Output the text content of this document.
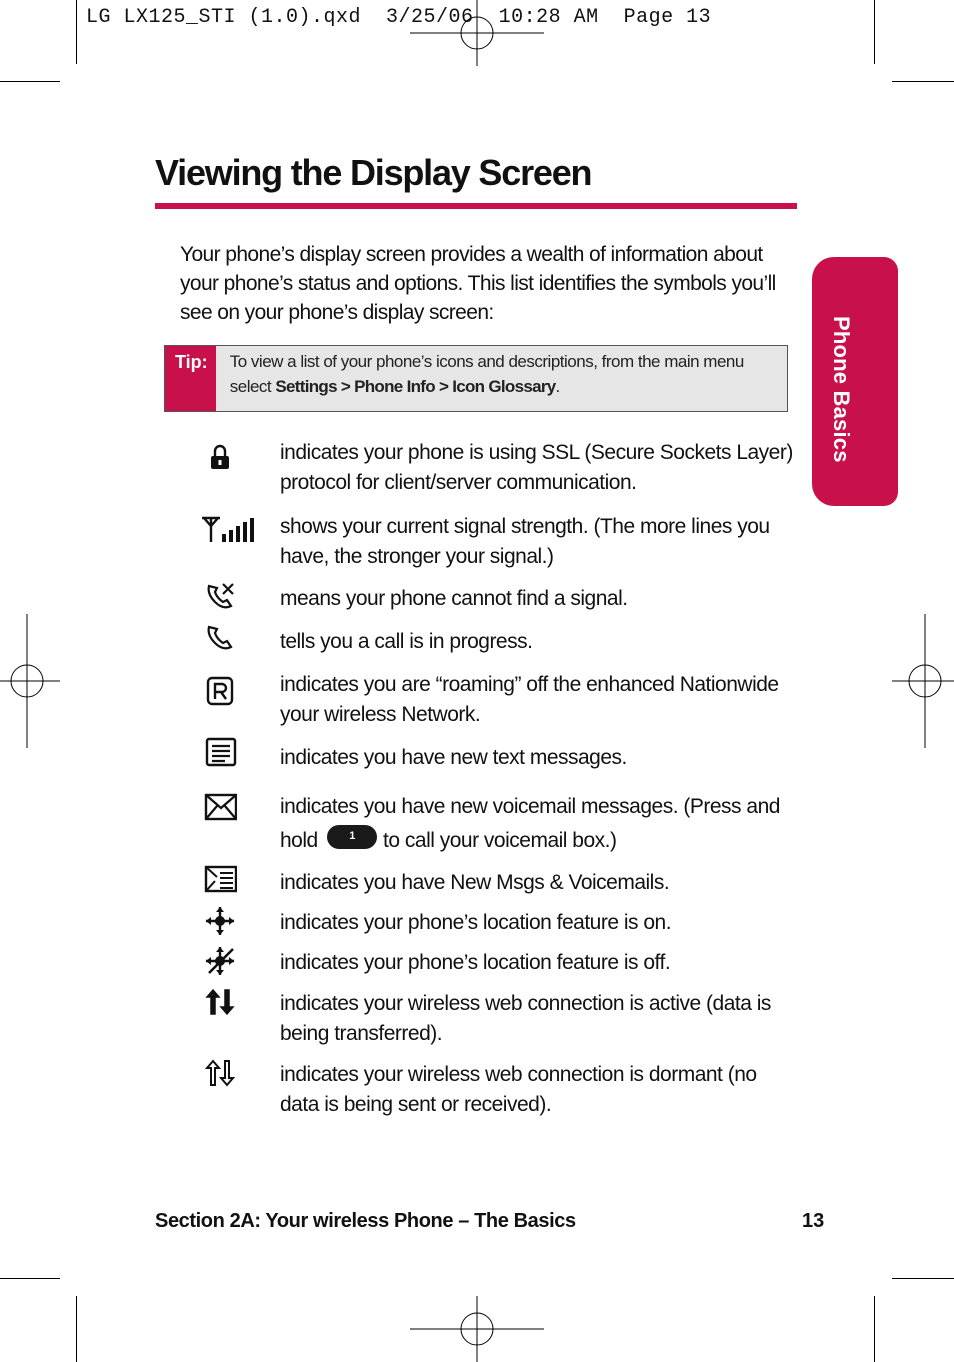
LG LX125_STI (1.0).qxd  3/25/06  10:28 AM  Page 13
Phone Basics
Viewing the Display Screen
Your phone’s display screen provides a wealth of information about your phone’s status and options. This list identifies the symbols you’ll see on your phone’s display screen:
Tip:	To view a list of your phone’s icons and descriptions, from the main menu select Settings > Phone Info > Icon Glossary.
indicates your phone is using SSL (Secure Sockets Layer) protocol for client/server communication.
shows your current signal strength. (The more lines you have, the stronger your signal.)
means your phone cannot find a signal.
tells you a call is in progress.
indicates you are “roaming” off the enhanced Nationwide your wireless Network.
indicates you have new text messages.
indicates you have new voicemail messages. (Press and hold	1 to call your voicemail box.)
indicates you have New Msgs & Voicemails.
indicates your phone’s location feature is on.
indicates your phone’s location feature is off.
indicates your wireless web connection is active (data is being transferred).
indicates your wireless web connection is dormant (no data is being sent or received).
Section 2A: Your wireless Phone – The Basics	13
